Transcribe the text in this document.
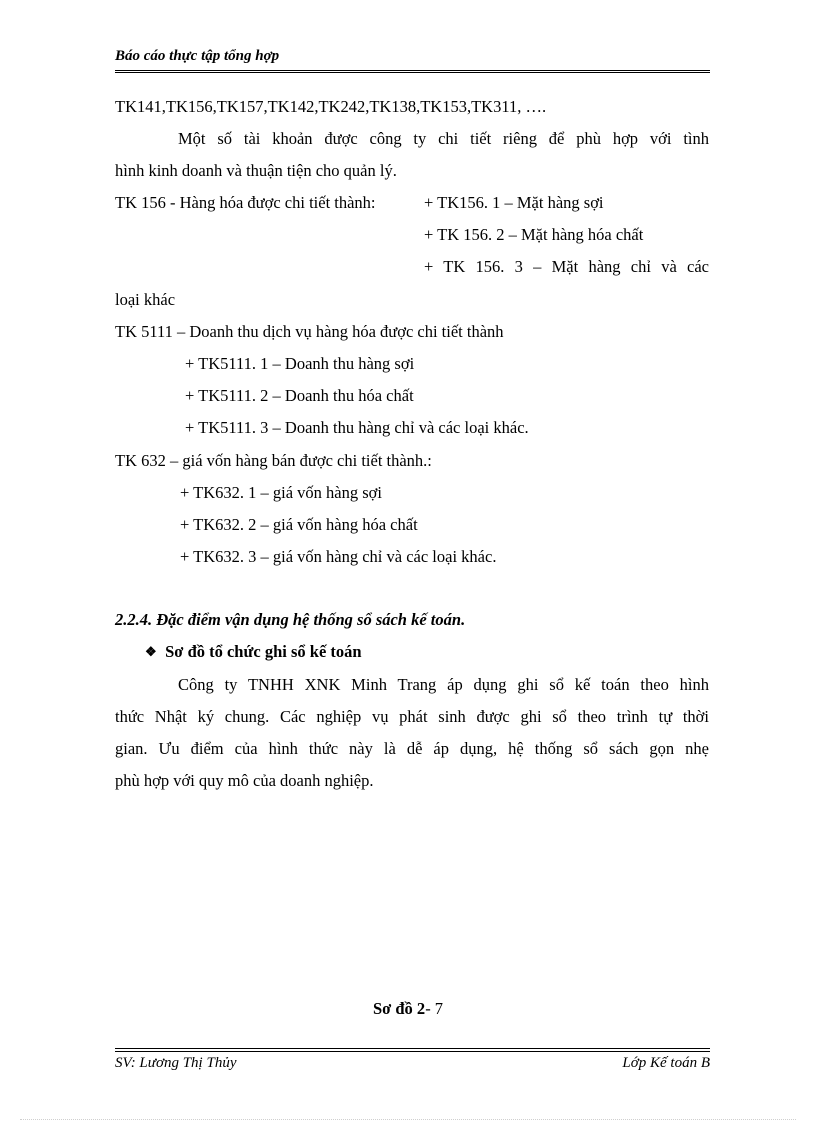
Báo cáo thực tập tổng hợp
TK141,TK156,TK157,TK142,TK242,TK138,TK153,TK311, ….
Một số tài khoản được công ty chi tiết riêng để phù hợp với tình
hình kinh doanh và thuận tiện cho quản lý.
TK 156 - Hàng hóa được chi tiết thành:	+ TK156. 1 – Mặt hàng sợi
+ TK 156. 2 – Mặt hàng hóa chất
+ TK 156. 3 – Mặt hàng chỉ và các
loại khác
TK 5111 – Doanh thu dịch vụ hàng hóa được chi tiết thành
+ TK5111. 1 – Doanh thu hàng sợi
+ TK5111. 2 – Doanh thu hóa chất
+ TK5111. 3 – Doanh thu hàng chỉ và các loại khác.
TK 632 – giá vốn hàng bán được chi tiết thành.:
+ TK632. 1 – giá vốn hàng sợi
+ TK632. 2 – giá vốn hàng hóa chất
+ TK632. 3 – giá vốn hàng chỉ và các loại khác.
2.2.4. Đặc điểm vận dụng hệ thống sổ sách kế toán.
❖ Sơ đồ tổ chức ghi sổ kế toán
Công ty TNHH XNK Minh Trang áp dụng ghi sổ kế toán theo hình
thức Nhật ký chung. Các nghiệp vụ phát sinh được ghi sổ theo trình tự thời
gian. Ưu điểm của hình thức này là dễ áp dụng, hệ thống sổ sách gọn nhẹ
phù hợp với quy mô của doanh nghiệp.
Sơ đồ 2- 7
SV: Lương Thị Thủy	Lớp Kế toán B
